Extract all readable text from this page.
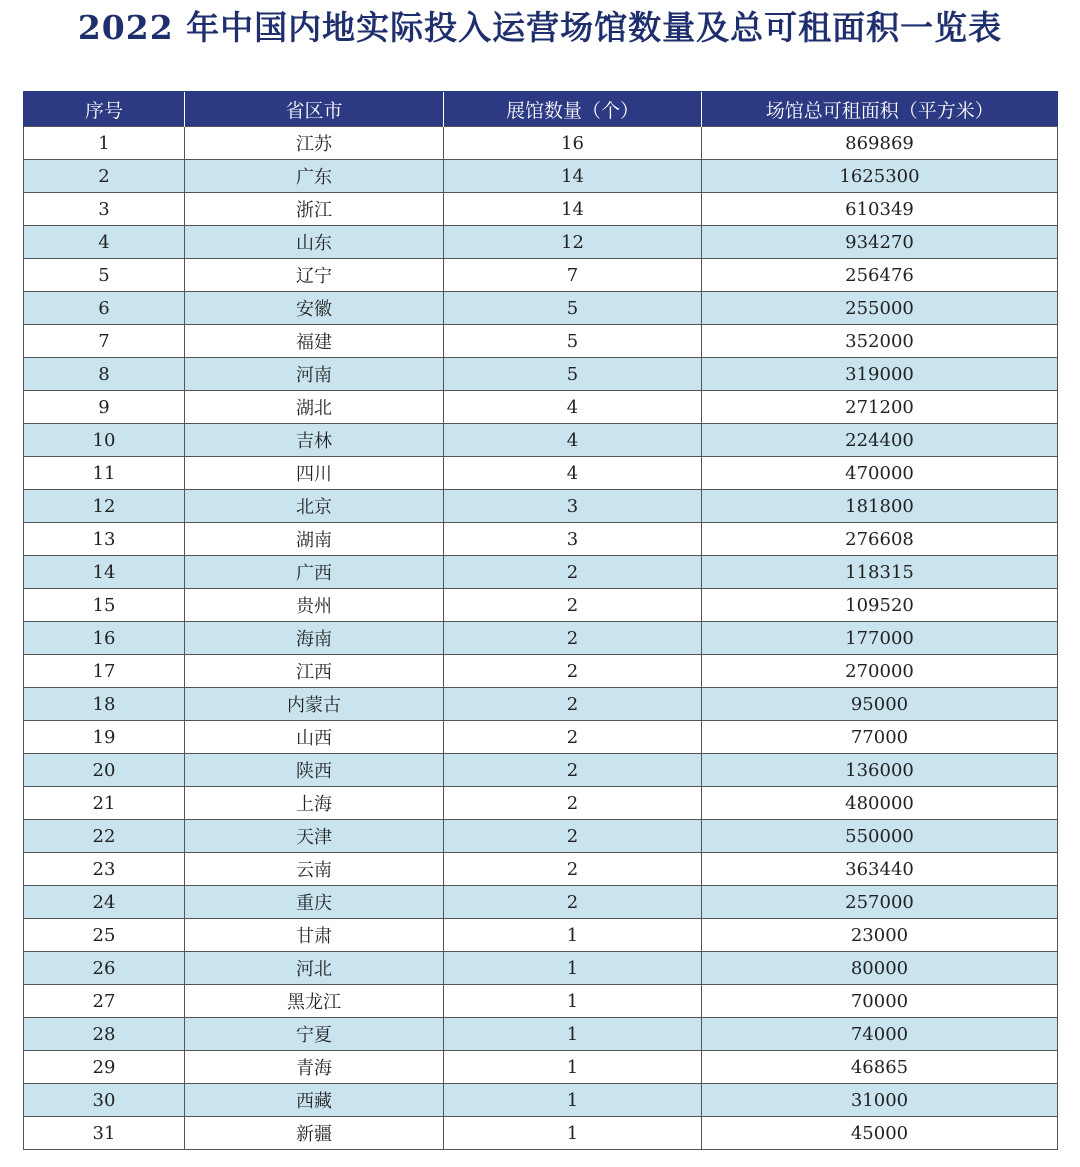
2022 年中国内地实际投入运营场馆数量及总可租面积一览表
序号	省区市	展馆数量（个）	场馆总可租面积（平方米）
1	江苏	16	869869
2	广东	14	1625300
3	浙江	14	610349
4	山东	12	934270
5	辽宁	7	256476
6	安徽	5	255000
7	福建	5	352000
8	河南	5	319000
9	湖北	4	271200
10	吉林	4	224400
11	四川	4	470000
12	北京	3	181800
13	湖南	3	276608
14	广西	2	118315
15	贵州	2	109520
16	海南	2	177000
17	江西	2	270000
18	内蒙古	2	95000
19	山西	2	77000
20	陕西	2	136000
21	上海	2	480000
22	天津	2	550000
23	云南	2	363440
24	重庆	2	257000
25	甘肃	1	23000
26	河北	1	80000
27	黑龙江	1	70000
28	宁夏	1	74000
29	青海	1	46865
30	西藏	1	31000
31	新疆	1	45000
